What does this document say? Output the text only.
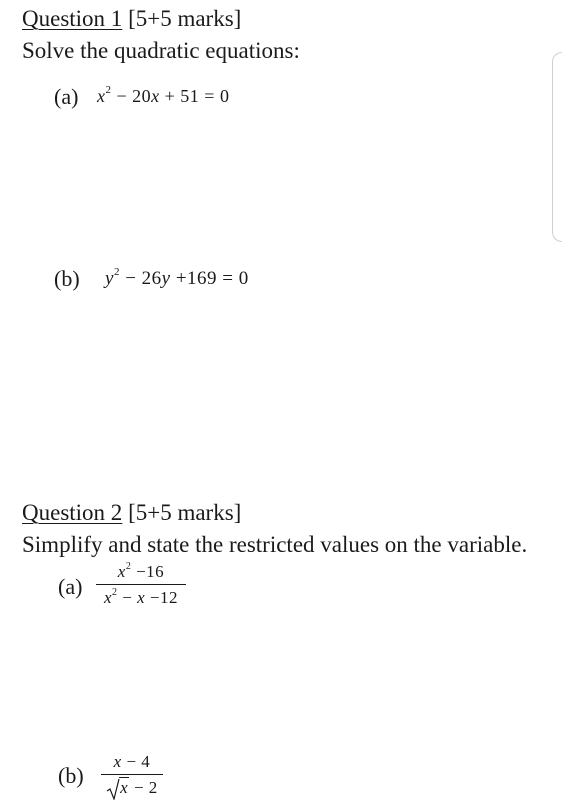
Question 1 [5+5 marks]
Solve the quadratic equations:
(a) $x^2 - 20x + 51 = 0$
(b) $y^2 - 26y +169 = 0$
Question 2 [5+5 marks]
Simplify and state the restricted values on the variable.
(a)
$x^2 -16$
$x^2 - x -12$
(b)
x − 4
x − 2
